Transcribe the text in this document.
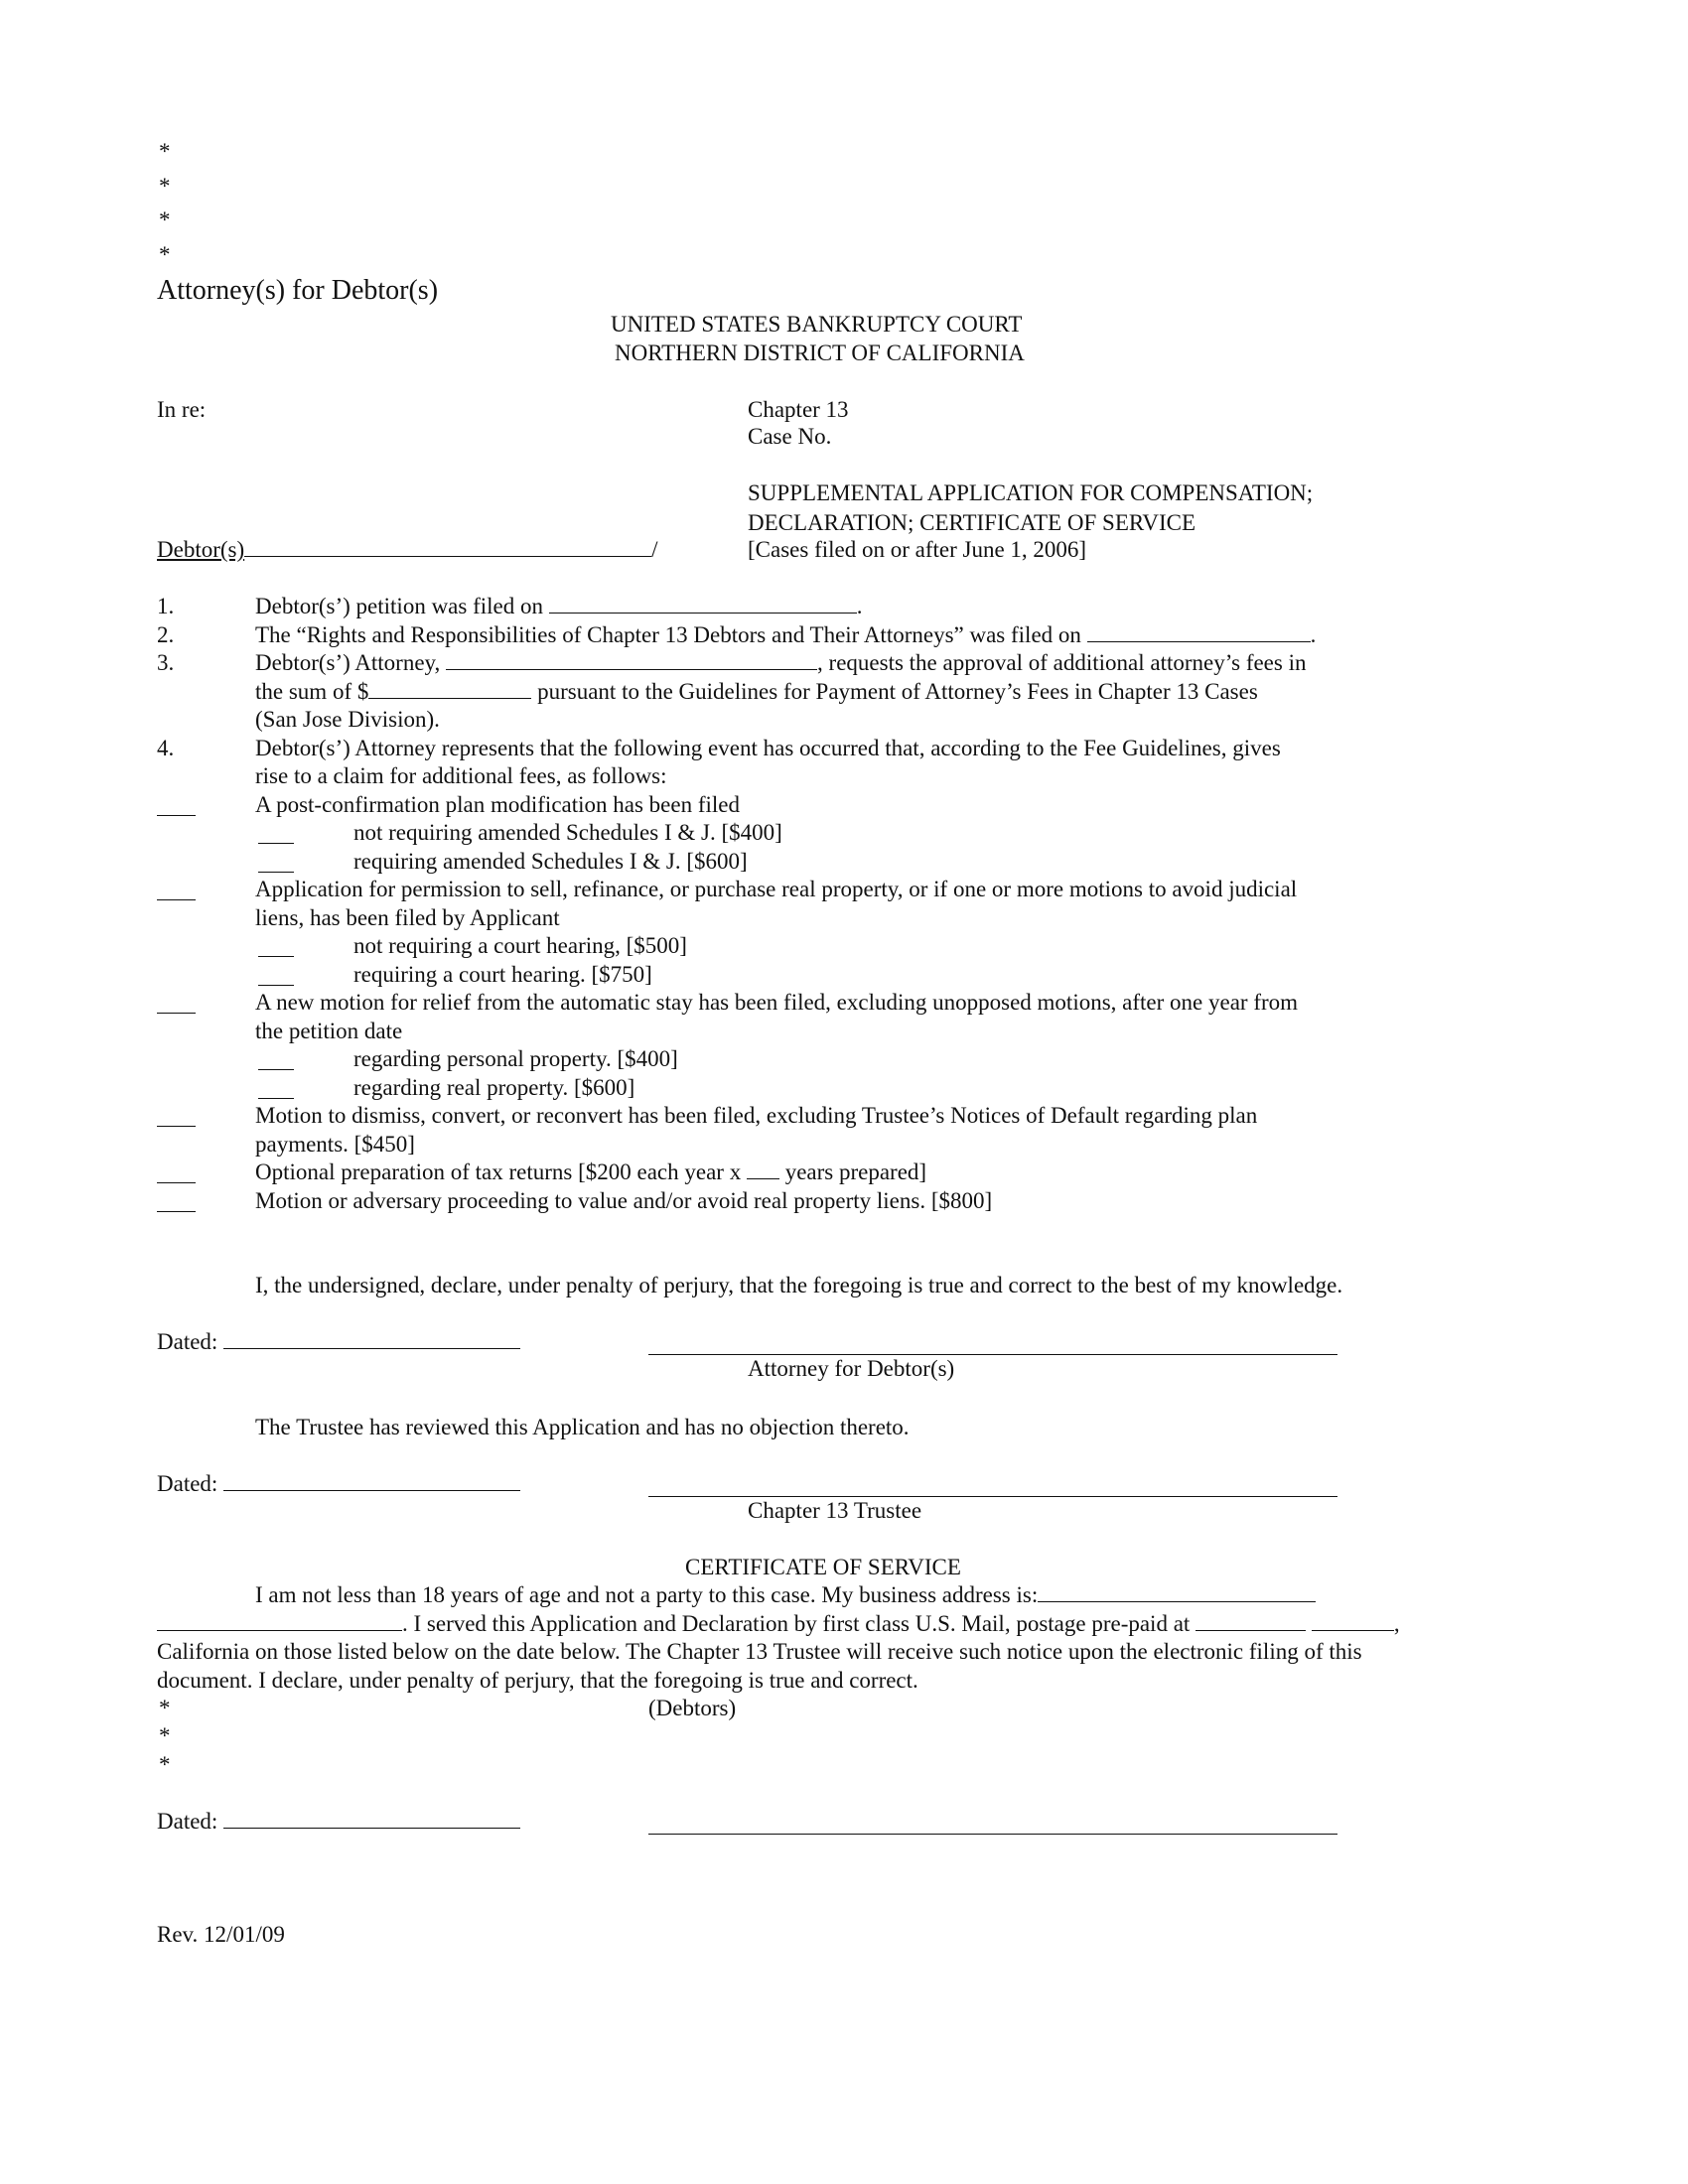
*
*
*
*
Attorney(s) for Debtor(s)
UNITED STATES BANKRUPTCY COURT
NORTHERN DISTRICT OF CALIFORNIA
In re:	Chapter 13
Case No.
SUPPLEMENTAL APPLICATION FOR COMPENSATION;
DECLARATION; CERTIFICATE OF SERVICE
[Cases filed on or after June 1, 2006]
Debtor(s)	/
1.	Debtor(s’) petition was filed on	.
2.	The “Rights and Responsibilities of Chapter 13 Debtors and Their Attorneys” was filed on	.
3.	Debtor(s’) Attorney,	, requests the approval of additional attorney’s fees in
the sum of $	pursuant to the Guidelines for Payment of Attorney’s Fees in Chapter 13 Cases
(San Jose Division).
4.	Debtor(s’) Attorney represents that the following event has occurred that, according to the Fee Guidelines, gives
rise to a claim for additional fees, as follows:
A post-confirmation plan modification has been filed
not requiring amended Schedules I & J. [$400]
requiring amended Schedules I & J. [$600]
Application for permission to sell, refinance, or purchase real property, or if one or more motions to avoid judicial
liens, has been filed by Applicant
not requiring a court hearing, [$500]
requiring a court hearing. [$750]
A new motion for relief from the automatic stay has been filed, excluding unopposed motions, after one year from
the petition date
regarding personal property. [$400]
regarding real property. [$600]
Motion to dismiss, convert, or reconvert has been filed, excluding Trustee’s Notices of Default regarding plan
payments. [$450]
Optional preparation of tax returns [$200 each year x years prepared]
Motion or adversary proceeding to value and/or avoid real property liens. [$800]
I, the undersigned, declare, under penalty of perjury, that the foregoing is true and correct to the best of my knowledge.
Dated:
Attorney for Debtor(s)
The Trustee has reviewed this Application and has no objection thereto.
Dated:
Chapter 13 Trustee
CERTIFICATE OF SERVICE
I am not less than 18 years of age and not a party to this case. My business address is:
. I served this Application and Declaration by first class U.S. Mail, postage pre-paid at	,
California on those listed below on the date below. The Chapter 13 Trustee will receive such notice upon the electronic filing of this
document. I declare, under penalty of perjury, that the foregoing is true and correct.
*	(Debtors)
*
*
Dated:
Rev. 12/01/09
